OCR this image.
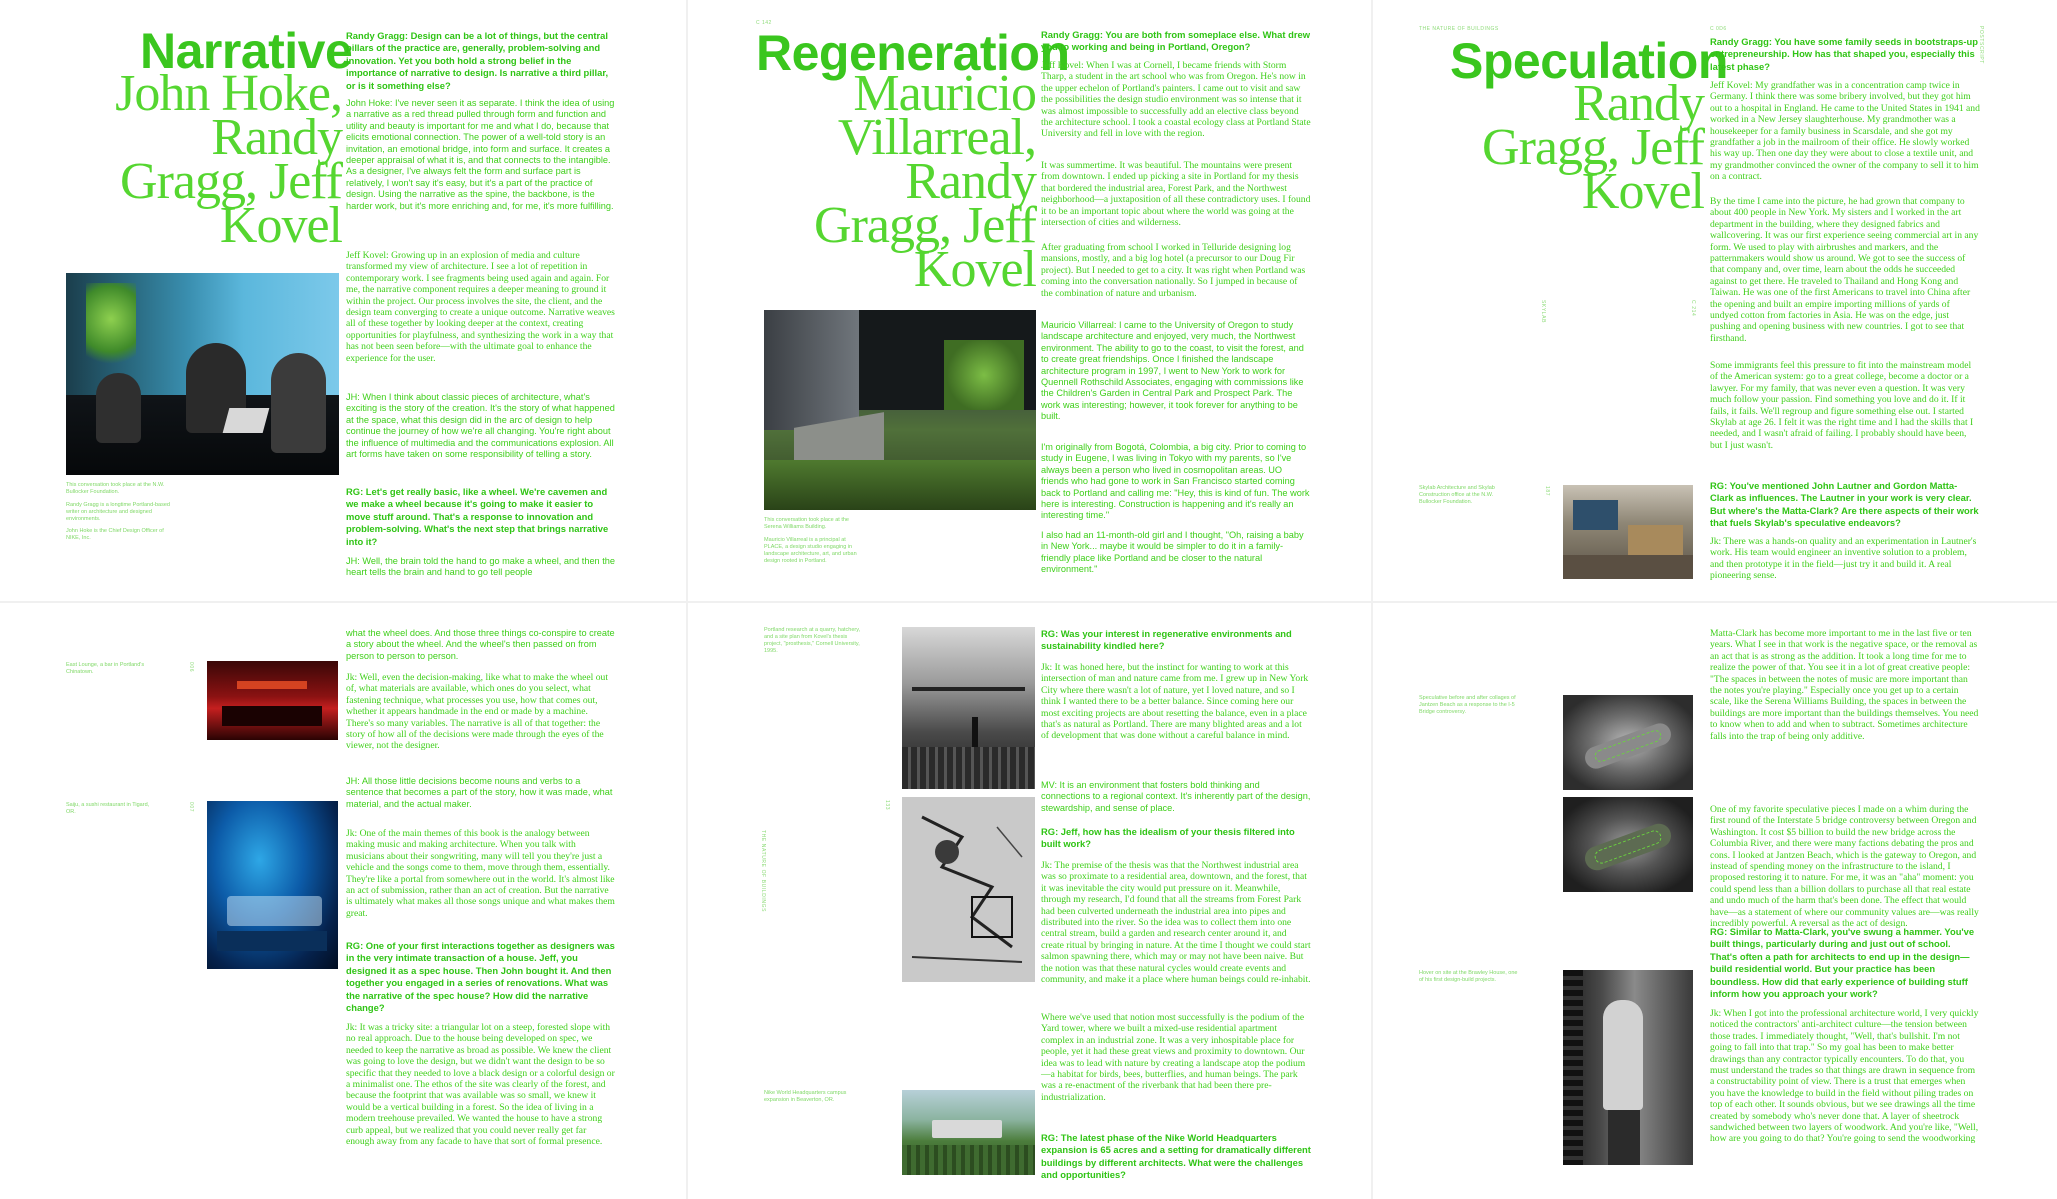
Narrative
John Hoke, Randy Gragg, Jeff Kovel
Randy Gragg: Design can be a lot of things, but the central pillars of the practice are, generally, problem-solving and innovation. Yet you both hold a strong belief in the importance of narrative to design. Is narrative a third pillar, or is it something else?
John Hoke: I've never seen it as separate. I think the idea of using a narrative as a red thread pulled through form and function and utility and beauty is important for me and what I do, because that elicits emotional connection. The power of a well-told story is an invitation, an emotional bridge, into form and surface. It creates a deeper appraisal of what it is, and that connects to the intangible. As a designer, I've always felt the form and surface part is relatively, I won't say it's easy, but it's a part of the practice of design. Using the narrative as the spine, the backbone, is the harder work, but it's more enriching and, for me, it's more fulfilling.
Jeff Kovel: Growing up in an explosion of media and culture transformed my view of architecture. I see a lot of repetition in contemporary work. I see fragments being used again and again. For me, the narrative component requires a deeper meaning to ground it within the project. Our process involves the site, the client, and the design team converging to create a unique outcome. Narrative weaves all of these together by looking deeper at the context, creating opportunities for playfulness, and synthesizing the work in a way that has not been seen before—with the ultimate goal to enhance the experience for the user.
JH: When I think about classic pieces of architecture, what's exciting is the story of the creation. It's the story of what happened at the space, what this design did in the arc of design to help continue the journey of how we're all changing. You're right about the influence of multimedia and the communications explosion. All art forms have taken on some responsibility of telling a story.
RG: Let's get really basic, like a wheel. We're cavemen and we make a wheel because it's going to make it easier to move stuff around. That's a response to innovation and problem-solving. What's the next step that brings narrative into it?
JH: Well, the brain told the hand to go make a wheel, and then the heart tells the brain and hand to go tell people
This conversation took place at the N.W. Bullocker Foundation.
Randy Gragg is a longtime Portland-based writer on architecture and designed environments.
John Hoke is the Chief Design Officer of NIKE, Inc.
what the wheel does. And those three things co-conspire to create a story about the wheel. And the wheel's then passed on from person to person to person.
Jk: Well, even the decision-making, like what to make the wheel out of, what materials are available, which ones do you select, what fastening technique, what processes you use, how that comes out, whether it appears handmade in the end or made by a machine. There's so many variables. The narrative is all of that together: the story of how all of the decisions were made through the eyes of the viewer, not the designer.
JH: All those little decisions become nouns and verbs to a sentence that becomes a part of the story, how it was made, what material, and the actual maker.
Jk: One of the main themes of this book is the analogy between making music and making architecture. When you talk with musicians about their songwriting, many will tell you they're just a vehicle and the songs come to them, move through them, essentially. They're like a portal from somewhere out in the world. It's almost like an act of submission, rather than an act of creation. But the narrative is ultimately what makes all those songs unique and what makes them great.
RG: One of your first interactions together as designers was in the very intimate transaction of a house. Jeff, you designed it as a spec house. Then John bought it. And then together you engaged in a series of renovations. What was the narrative of the spec house? How did the narrative change?
Jk: It was a tricky site: a triangular lot on a steep, forested slope with no real approach. Due to the house being developed on spec, we needed to keep the narrative as broad as possible. We knew the client was going to love the design, but we didn't want the design to be so specific that they needed to love a black design or a colorful design or a minimalist one. The ethos of the site was clearly of the forest, and because the footprint that was available was so small, we knew it would be a vertical building in a forest. So the idea of living in a modern treehouse prevailed. We wanted the house to have a strong curb appeal, but we realized that you could never really get far enough away from any facade to have that sort of formal presence.
East Lounge, a bar in Portland's Chinatown.
Saiju, a sushi restaurant in Tigard, OR.
006
007
C 142
Regeneration
Mauricio Villarreal, Randy Gragg, Jeff Kovel
Randy Gragg: You are both from someplace else. What drew you to working and being in Portland, Oregon?
Jeff Kovel: When I was at Cornell, I became friends with Storm Tharp, a student in the art school who was from Oregon. He's now in the upper echelon of Portland's painters. I came out to visit and saw the possibilities the design studio environment was so intense that it was almost impossible to successfully add an elective class beyond the architecture school. I took a coastal ecology class at Portland State University and fell in love with the region.
It was summertime. It was beautiful. The mountains were present from downtown. I ended up picking a site in Portland for my thesis that bordered the industrial area, Forest Park, and the Northwest neighborhood—a juxtaposition of all these contradictory uses. I found it to be an important topic about where the world was going at the intersection of cities and wilderness.
After graduating from school I worked in Telluride designing log mansions, mostly, and a big log hotel (a precursor to our Doug Fir project). But I needed to get to a city. It was right when Portland was coming into the conversation nationally. So I jumped in because of the combination of nature and urbanism.
Mauricio Villarreal: I came to the University of Oregon to study landscape architecture and enjoyed, very much, the Northwest environment. The ability to go to the coast, to visit the forest, and to create great friendships. Once I finished the landscape architecture program in 1997, I went to New York to work for Quennell Rothschild Associates, engaging with commissions like the Children's Garden in Central Park and Prospect Park. The work was interesting; however, it took forever for anything to be built.
I'm originally from Bogotá, Colombia, a big city. Prior to coming to study in Eugene, I was living in Tokyo with my parents, so I've always been a person who lived in cosmopolitan areas. UO friends who had gone to work in San Francisco started coming back to Portland and calling me: "Hey, this is kind of fun. The work here is interesting. Construction is happening and it's really an interesting time."
I also had an 11-month-old girl and I thought, "Oh, raising a baby in New York... maybe it would be simpler to do it in a family-friendly place like Portland and be closer to the natural environment."
This conversation took place at the Serena Williams Building.
Mauricio Villarreal is a principal at PLACE, a design studio engaging in landscape architecture, art, and urban design rooted in Portland.
RG: Was your interest in regenerative environments and sustainability kindled here?
Jk: It was honed here, but the instinct for wanting to work at this intersection of man and nature came from me. I grew up in New York City where there wasn't a lot of nature, yet I loved nature, and so I think I wanted there to be a better balance. Since coming here our most exciting projects are about resetting the balance, even in a place that's as natural as Portland. There are many blighted areas and a lot of development that was done without a careful balance in mind.
MV: It is an environment that fosters bold thinking and connections to a regional context. It's inherently part of the design, stewardship, and sense of place.
RG: Jeff, how has the idealism of your thesis filtered into built work?
Jk: The premise of the thesis was that the Northwest industrial area was so proximate to a residential area, downtown, and the forest, that it was inevitable the city would put pressure on it. Meanwhile, through my research, I'd found that all the streams from Forest Park had been culverted underneath the industrial area into pipes and distributed into the river. So the idea was to collect them into one central stream, build a garden and research center around it, and create ritual by bringing in nature. At the time I thought we could start salmon spawning there, which may or may not have been naive. But the notion was that these natural cycles would create events and community, and make it a place where human beings could re-inhabit.
Where we've used that notion most successfully is the podium of the Yard tower, where we built a mixed-use residential apartment complex in an industrial zone. It was a very inhospitable place for people, yet it had these great views and proximity to downtown. Our idea was to lead with nature by creating a landscape atop the podium—a habitat for birds, bees, butterflies, and human beings. The park was a re-enactment of the riverbank that had been there pre-industrialization.
RG: The latest phase of the Nike World Headquarters expansion is 65 acres and a setting for dramatically different buildings by different architects. What were the challenges and opportunities?
Portland research at a quarry, hatchery, and a site plan from Kovel's thesis project, "prosthesis," Cornell University, 1995.
Nike World Headquarters campus expansion in Beaverton, OR.
THE NATURE OF BUILDINGS
133
THE NATURE OF BUILDINGS	C 0D6	POSTSCRIPT
Speculation
Randy Gragg, Jeff Kovel
Randy Gragg: You have some family seeds in bootstraps-up entrepreneurship. How has that shaped you, especially this latest phase?
Jeff Kovel: My grandfather was in a concentration camp twice in Germany. I think there was some bribery involved, but they got him out to a hospital in England. He came to the United States in 1941 and worked in a New Jersey slaughterhouse. My grandmother was a housekeeper for a family business in Scarsdale, and she got my grandfather a job in the mailroom of their office. He slowly worked his way up. Then one day they were about to close a textile unit, and my grandmother convinced the owner of the company to sell it to him on a contract.
By the time I came into the picture, he had grown that company to about 400 people in New York. My sisters and I worked in the art department in the building, where they designed fabrics and wallcovering. It was our first experience seeing commercial art in any form. We used to play with airbrushes and markers, and the patternmakers would show us around. We got to see the success of that company and, over time, learn about the odds he succeeded against to get there. He traveled to Thailand and Hong Kong and Taiwan. He was one of the first Americans to travel into China after the opening and built an empire importing millions of yards of undyed cotton from factories in Asia. He was on the edge, just pushing and opening business with new countries. I got to see that firsthand.
Some immigrants feel this pressure to fit into the mainstream model of the American system: go to a great college, become a doctor or a lawyer. For my family, that was never even a question. It was very much follow your passion. Find something you love and do it. If it fails, it fails. We'll regroup and figure something else out. I started Skylab at age 26. I felt it was the right time and I had the skills that I needed, and I wasn't afraid of failing. I probably should have been, but I just wasn't.
RG: You've mentioned John Lautner and Gordon Matta-Clark as influences. The Lautner in your work is very clear. But where's the Matta-Clark? Are there aspects of their work that fuels Skylab's speculative endeavors?
Jk: There was a hands-on quality and an experimentation in Lautner's work. His team would engineer an inventive solution to a problem, and then prototype it in the field—just try it and build it. A real pioneering sense.
Skylab Architecture and Skylab Construction office at the N.W. Bullocker Foundation.
SKYLAB	C 214
187
Matta-Clark has become more important to me in the last five or ten years. What I see in that work is the negative space, or the removal as an act that is as strong as the addition. It took a long time for me to realize the power of that. You see it in a lot of great creative people: "The spaces in between the notes of music are more important than the notes you're playing." Especially once you get up to a certain scale, like the Serena Williams Building, the spaces in between the buildings are more important than the buildings themselves. You need to know when to add and when to subtract. Sometimes architecture falls into the trap of being only additive.
One of my favorite speculative pieces I made on a whim during the first round of the Interstate 5 bridge controversy between Oregon and Washington. It cost $5 billion to build the new bridge across the Columbia River, and there were many factions debating the pros and cons. I looked at Jantzen Beach, which is the gateway to Oregon, and instead of spending money on the infrastructure to the island, I proposed restoring it to nature. For me, it was an "aha" moment: you could spend less than a billion dollars to purchase all that real estate and undo much of the harm that's been done. The effect that would have—as a statement of where our community values are—was really incredibly powerful. A reversal as the act of design.
RG: Similar to Matta-Clark, you've swung a hammer. You've built things, particularly during and just out of school. That's often a path for architects to end up in the design—build residential world. But your practice has been boundless. How did that early experience of building stuff inform how you approach your work?
Jk: When I got into the professional architecture world, I very quickly noticed the contractors' anti-architect culture—the tension between those trades. I immediately thought, "Well, that's bullshit. I'm not going to fall into that trap." So my goal has been to make better drawings than any contractor typically encounters. To do that, you must understand the trades so that things are drawn in sequence from a constructability point of view. There is a trust that emerges when you have the knowledge to build in the field without piling trades on top of each other. It sounds obvious, but we see drawings all the time created by somebody who's never done that. A layer of sheetrock sandwiched between two layers of woodwork. And you're like, "Well, how are you going to do that? You're going to send the woodworking
Speculative before and after collages of Jantzen Beach as a response to the I-5 Bridge controversy.
Hover on site at the Brawley House, one of his first design-build projects.
